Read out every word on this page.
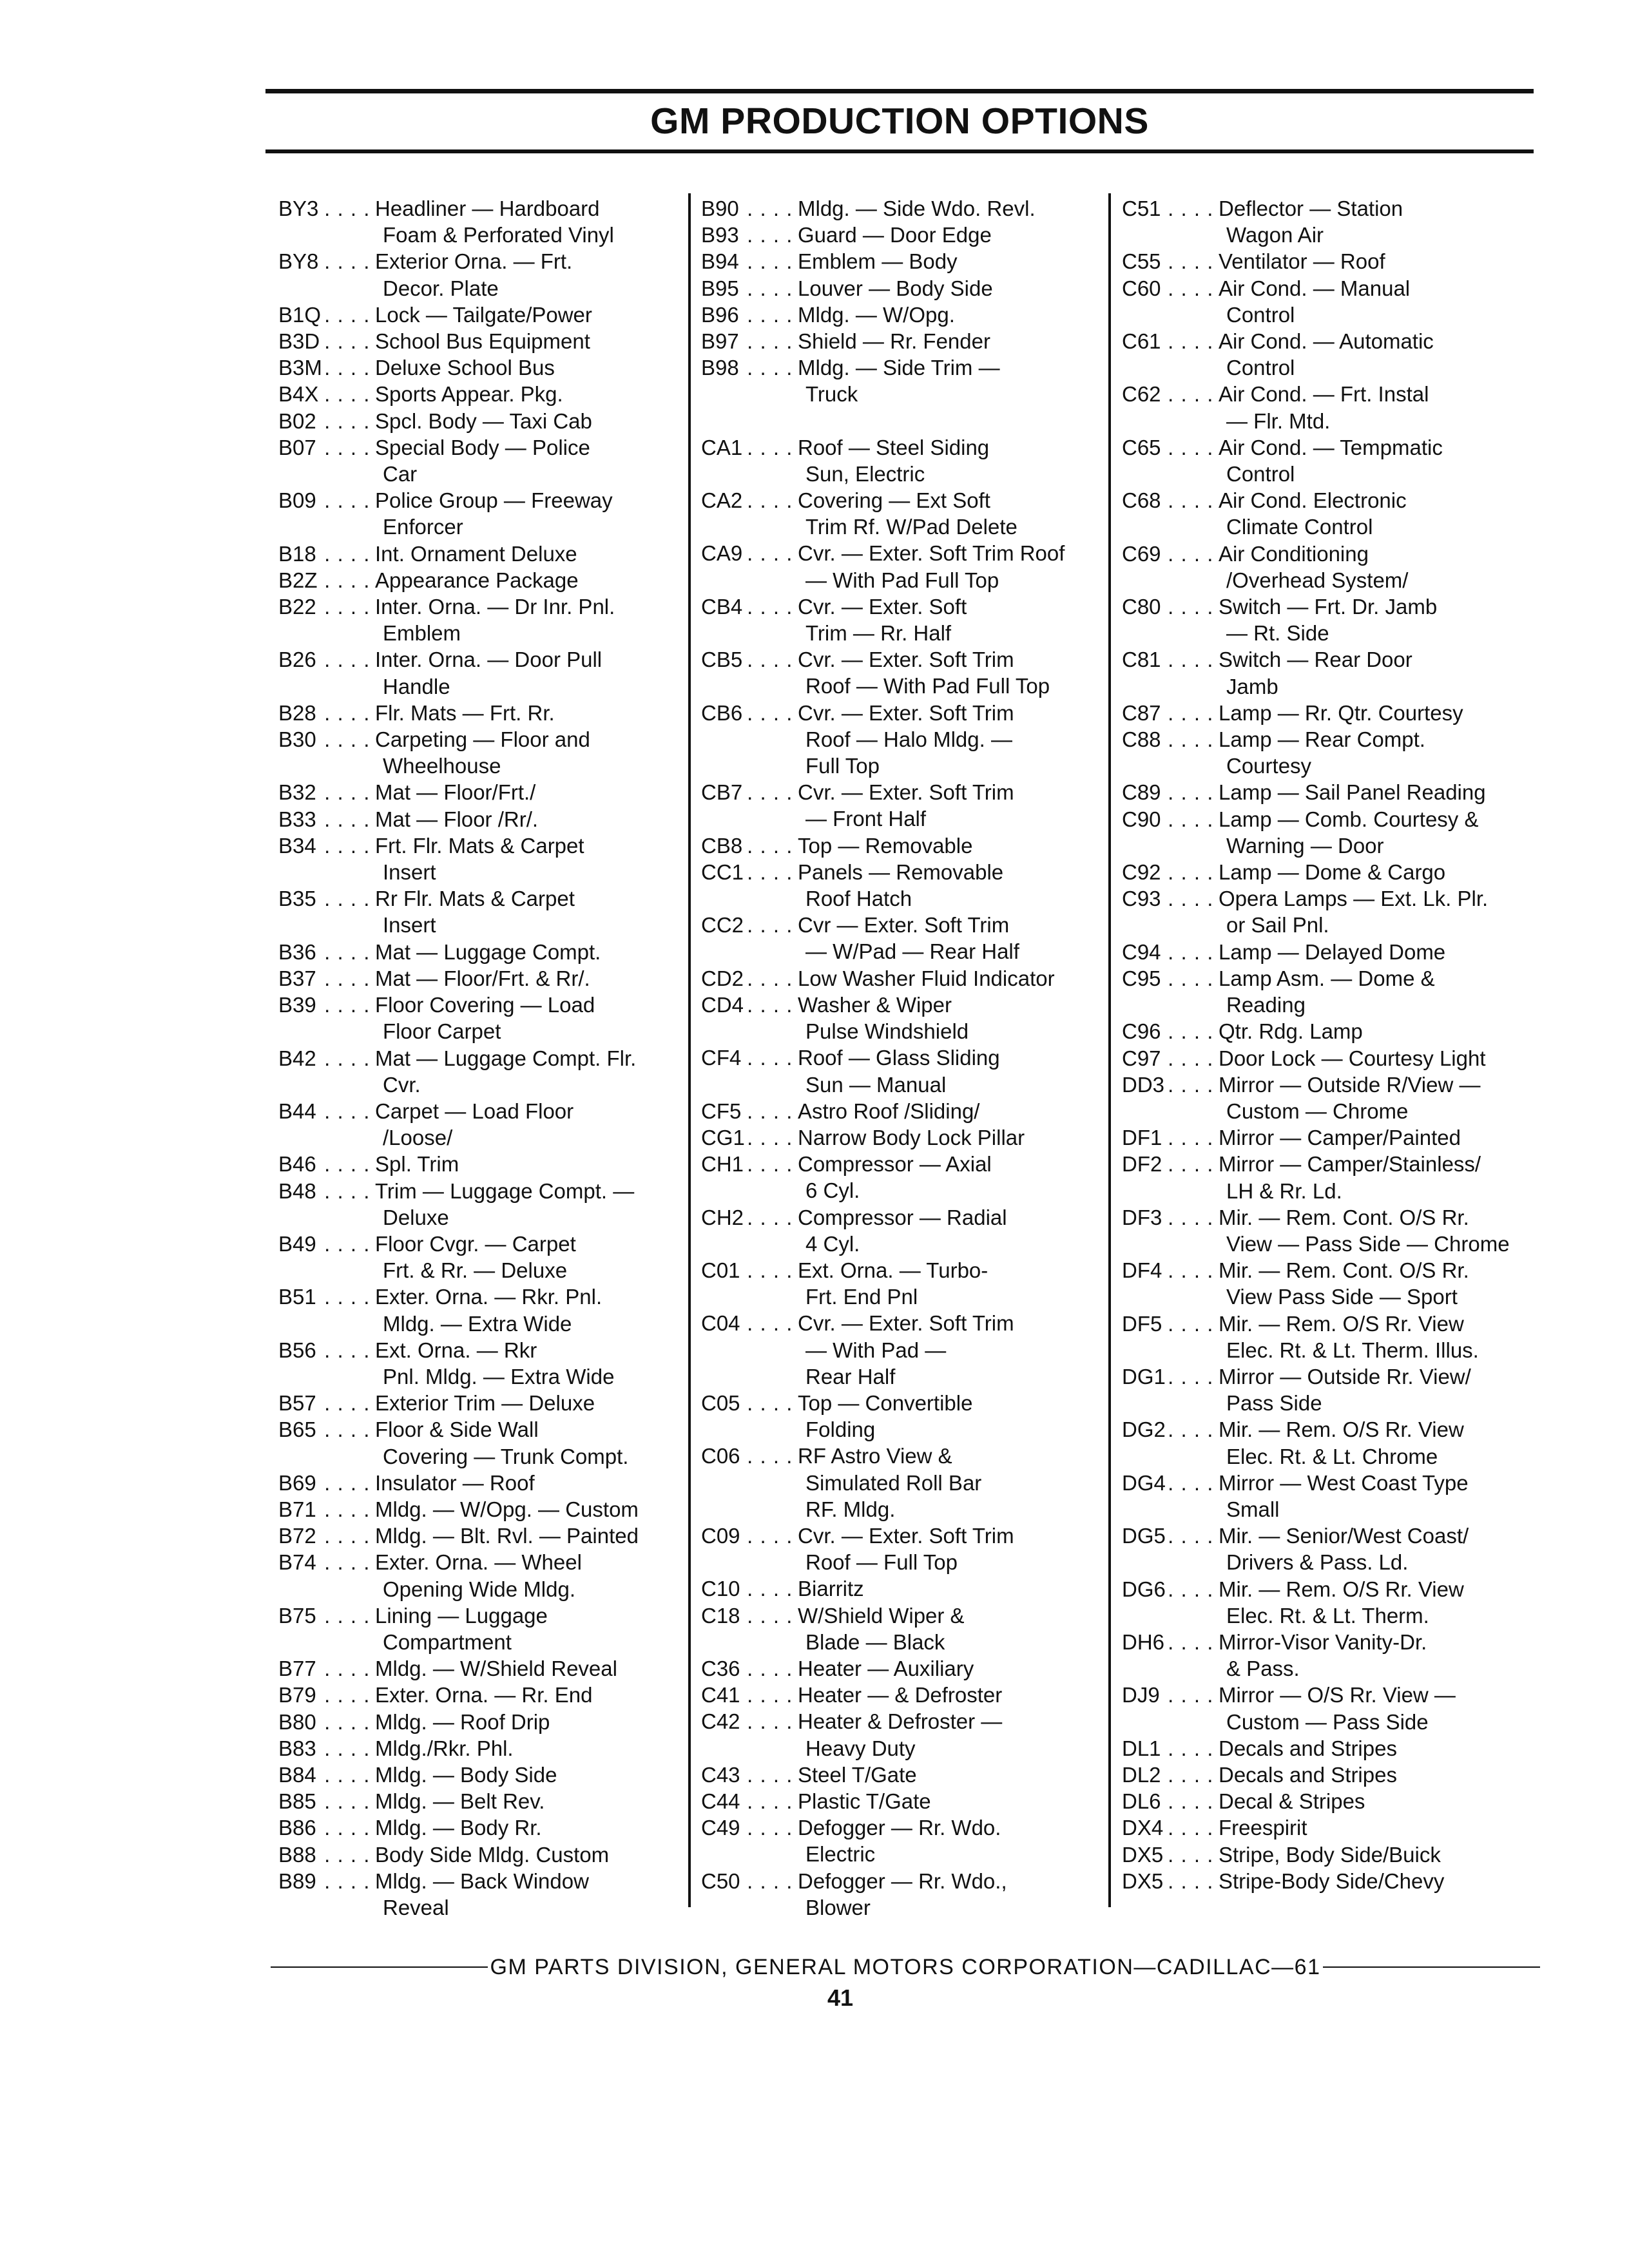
GM PRODUCTION OPTIONS
BY3 . . .	Headliner — Hardboard
Foam & Perforated Vinyl
BY8 . . .	Exterior Orna. — Frt.
Decor. Plate
B1Q . . .	Lock — Tailgate/Power
B3D . . .	School Bus Equipment
B3M . . .	Deluxe School Bus
B4X . . .	Sports Appear. Pkg.
B02 . . .	Spcl. Body — Taxi Cab
B07 . . .	Special Body — Police
Car
B09 . . .	Police Group — Freeway
Enforcer
B18 . . .	Int. Ornament Deluxe
B2Z . . .	Appearance Package
B22 . . .	Inter. Orna. — Dr Inr. Pnl.
Emblem
B26 . . .	Inter. Orna. — Door Pull
Handle
B28 . . .	Flr. Mats — Frt. Rr.
B30 . . .	Carpeting — Floor and
Wheelhouse
B32 . . .	Mat — Floor/Frt./
B33 . . .	Mat — Floor /Rr/.
B34 . . .	Frt. Flr. Mats & Carpet
Insert
B35 . . .	Rr Flr. Mats & Carpet
Insert
B36 . . .	Mat — Luggage Compt.
B37 . . .	Mat — Floor/Frt. & Rr/.
B39 . . .	Floor Covering — Load
Floor Carpet
B42 . . .	Mat — Luggage Compt. Flr.
Cvr.
B44 . . .	Carpet — Load Floor
/Loose/
B46 . . .	Spl. Trim
B48 . . .	Trim — Luggage Compt. —
Deluxe
B49 . . .	Floor Cvgr. — Carpet
Frt. & Rr. — Deluxe
B51 . . .	Exter. Orna. — Rkr. Pnl.
Mldg. — Extra Wide
B56 . . .	Ext. Orna. — Rkr
Pnl. Mldg. — Extra Wide
B57 . . .	Exterior Trim — Deluxe
B65 . . .	Floor & Side Wall
Covering — Trunk Compt.
B69 . . .	Insulator — Roof
B71 . . .	Mldg. — W/Opg. — Custom
B72 . . .	Mldg. — Blt. Rvl. — Painted
B74 . . .	Exter. Orna. — Wheel
Opening Wide Mldg.
B75 . . .	Lining — Luggage
Compartment
B77 . . .	Mldg. — W/Shield Reveal
B79 . . .	Exter. Orna. — Rr. End
B80 . . .	Mldg. — Roof Drip
B83 . . .	Mldg./Rkr. Phl.
B84 . . .	Mldg. — Body Side
B85 . . .	Mldg. — Belt Rev.
B86 . . .	Mldg. — Body Rr.
B88 . . .	Body Side Mldg. Custom
B89 . . .	Mldg. — Back Window
Reveal
B90 . . .	Mldg. — Side Wdo. Revl.
B93 . . .	Guard — Door Edge
B94 . . .	Emblem — Body
B95 . . .	Louver — Body Side
B96 . . .	Mldg. — W/Opg.
B97 . . .	Shield — Rr. Fender
B98 . . .	Mldg. — Side Trim —
Truck
CA1 . . .	Roof — Steel Siding
Sun, Electric
CA2 . . .	Covering — Ext Soft
Trim Rf. W/Pad Delete
CA9 . . .	Cvr. — Exter. Soft Trim Roof
— With Pad Full Top
CB4 . . .	Cvr. — Exter. Soft
Trim — Rr. Half
CB5 . . .	Cvr. — Exter. Soft Trim
Roof — With Pad Full Top
CB6 . . .	Cvr. — Exter. Soft Trim
Roof — Halo Mldg. —
Full Top
CB7 . . .	Cvr. — Exter. Soft Trim
— Front Half
CB8 . . .	Top — Removable
CC1 . . .	Panels — Removable
Roof Hatch
CC2 . . .	Cvr — Exter. Soft Trim
— W/Pad — Rear Half
CD2 . . .	Low Washer Fluid Indicator
CD4 . . .	Washer & Wiper
Pulse Windshield
CF4 . . .	Roof — Glass Sliding
Sun — Manual
CF5 . . .	Astro Roof /Sliding/
CG1 . . .	Narrow Body Lock Pillar
CH1 . . .	Compressor — Axial
6 Cyl.
CH2 . . .	Compressor — Radial
4 Cyl.
C01 . . .	Ext. Orna. — Turbo-
Frt. End Pnl
C04 . . .	Cvr. — Exter. Soft Trim
— With Pad —
Rear Half
C05 . . .	Top — Convertible
Folding
C06 . . .	RF Astro View &
Simulated Roll Bar
RF. Mldg.
C09 . . .	Cvr. — Exter. Soft Trim
Roof — Full Top
C10 . . .	Biarritz
C18 . . .	W/Shield Wiper &
Blade — Black
C36 . . .	Heater — Auxiliary
C41 . . .	Heater — & Defroster
C42 . . .	Heater & Defroster —
Heavy Duty
C43 . . .	Steel T/Gate
C44 . . .	Plastic T/Gate
C49 . . .	Defogger — Rr. Wdo.
Electric
C50 . . .	Defogger — Rr. Wdo.,
Blower
C51 . . .	Deflector — Station
Wagon Air
C55 . . .	Ventilator — Roof
C60 . . .	Air Cond. — Manual
Control
C61 . . .	Air Cond. — Automatic
Control
C62 . . .	Air Cond. — Frt. Instal
— Flr. Mtd.
C65 . . .	Air Cond. — Tempmatic
Control
C68 . . .	Air Cond. Electronic
Climate Control
C69 . . .	Air Conditioning
/Overhead System/
C80 . . .	Switch — Frt. Dr. Jamb
— Rt. Side
C81 . . .	Switch — Rear Door
Jamb
C87 . . .	Lamp — Rr. Qtr. Courtesy
C88 . . .	Lamp — Rear Compt.
Courtesy
C89 . . .	Lamp — Sail Panel Reading
C90 . . .	Lamp — Comb. Courtesy &
Warning — Door
C92 . . .	Lamp — Dome & Cargo
C93 . . .	Opera Lamps — Ext. Lk. Plr.
or Sail Pnl.
C94 . . .	Lamp — Delayed Dome
C95 . . .	Lamp Asm. — Dome &
Reading
C96 . . .	Qtr. Rdg. Lamp
C97 . . .	Door Lock — Courtesy Light
DD3 . . .	Mirror — Outside R/View —
Custom — Chrome
DF1 . . .	Mirror — Camper/Painted
DF2 . . .	Mirror — Camper/Stainless/
LH & Rr. Ld.
DF3 . . .	Mir. — Rem. Cont. O/S Rr.
View — Pass Side — Chrome
DF4 . . .	Mir. — Rem. Cont. O/S Rr.
View Pass Side — Sport
DF5 . . .	Mir. — Rem. O/S Rr. View
Elec. Rt. & Lt. Therm. Illus.
DG1 . . .	Mirror — Outside Rr. View/
Pass Side
DG2 . . .	Mir. — Rem. O/S Rr. View
Elec. Rt. & Lt. Chrome
DG4 . . .	Mirror — West Coast Type
Small
DG5 . . .	Mir. — Senior/West Coast/
Drivers & Pass. Ld.
DG6 . . .	Mir. — Rem. O/S Rr. View
Elec. Rt. & Lt. Therm.
DH6 . . .	Mirror-Visor Vanity-Dr.
& Pass.
DJ9 . . .	Mirror — O/S Rr. View —
Custom — Pass Side
DL1 . . .	Decals and Stripes
DL2 . . .	Decals and Stripes
DL6 . . .	Decal & Stripes
DX4 . . .	Freespirit
DX5 . . .	Stripe, Body Side/Buick
DX5 . . .	Stripe-Body Side/Chevy
GM PARTS DIVISION, GENERAL MOTORS CORPORATION—CADILLAC—61
41
